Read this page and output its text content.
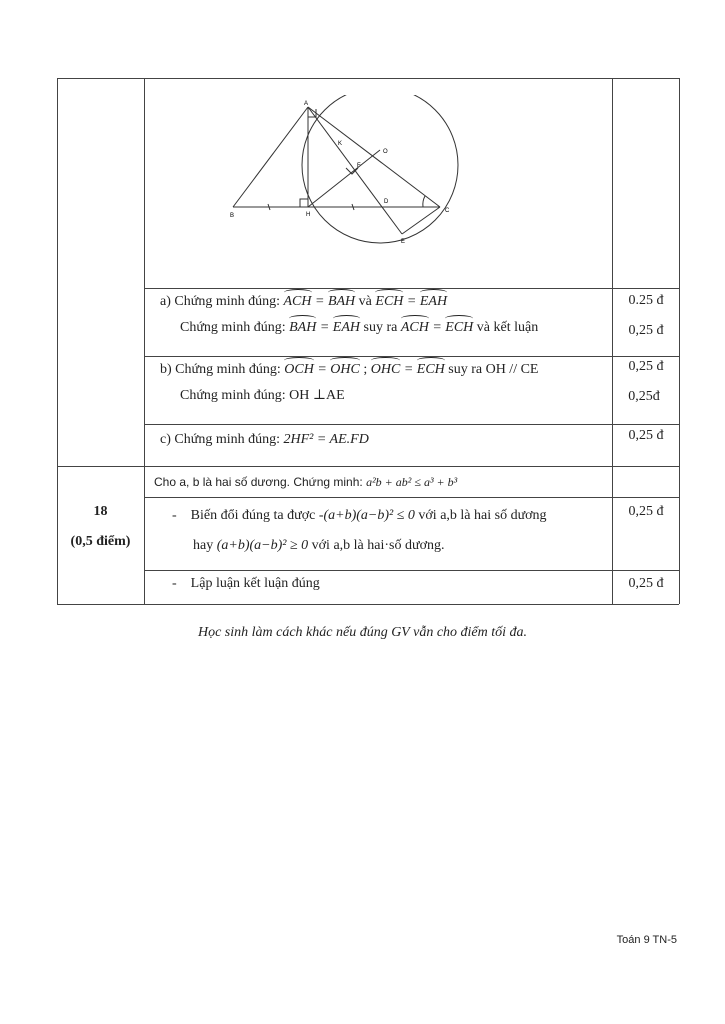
A
B
C
H
O
E
F
D
K
a) Chứng minh đúng: ACH = BAH và ECH = EAH
Chứng minh đúng: BAH = EAH suy ra ACH = ECH và kết luận
0.25 đ
0,25 đ
b) Chứng minh đúng: OCH = OHC ; OHC = ECH suy ra OH // CE
Chứng minh đúng: OH ⊥AE
0,25 đ
0,25đ
c) Chứng minh đúng: 2HF² = AE.FD	0,25 đ
18
(0,5 điểm)
Cho a, b là hai số dương. Chứng minh: a²b + ab² ≤ a³ + b³
- Biến đổi đúng ta được -(a+b)(a−b)² ≤ 0 với a,b là hai số dương
hay (a+b)(a−b)² ≥ 0 với a,b là hai·số dương.
0,25 đ
- Lập luận kết luận đúng	0,25 đ
Học sinh làm cách khác nếu đúng GV vẫn cho điểm tối đa.
Toán 9 TN-5
